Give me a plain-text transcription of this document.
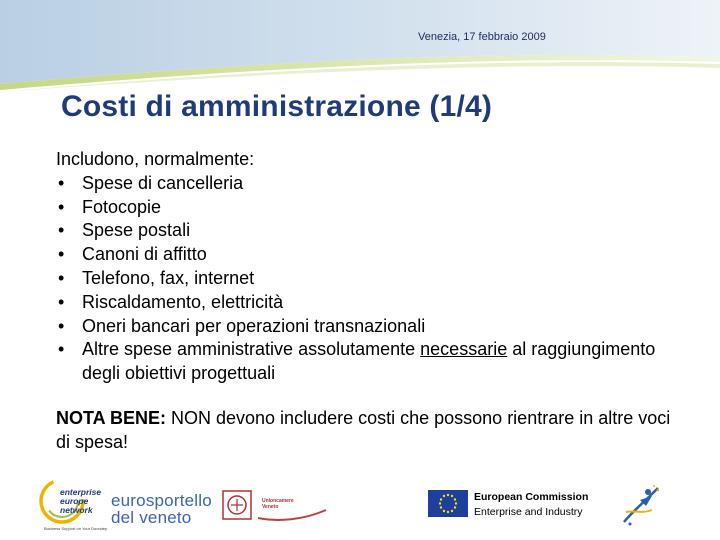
Venezia, 17 febbraio 2009
Costi di amministrazione (1/4)

Includono, normalmente:

• Spese di cancelleria
• Fotocopie
• Spese postali
• Canoni di affitto
• Telefono, fax, internet
• Riscaldamento, elettricità
• Oneri bancari per operazioni transnazionali
• Altre spese amministrative assolutamente necessarie al raggiungimento degli obiettivi progettuali
NOTA BENE: NON devono includere costi che possono rientrare in altre voci di spesa!
enterprise
europe
network
Business Support on Your Doorstep
eurosportello
del veneto
Unioncamere
Veneto
European Commission
Enterprise and Industry
